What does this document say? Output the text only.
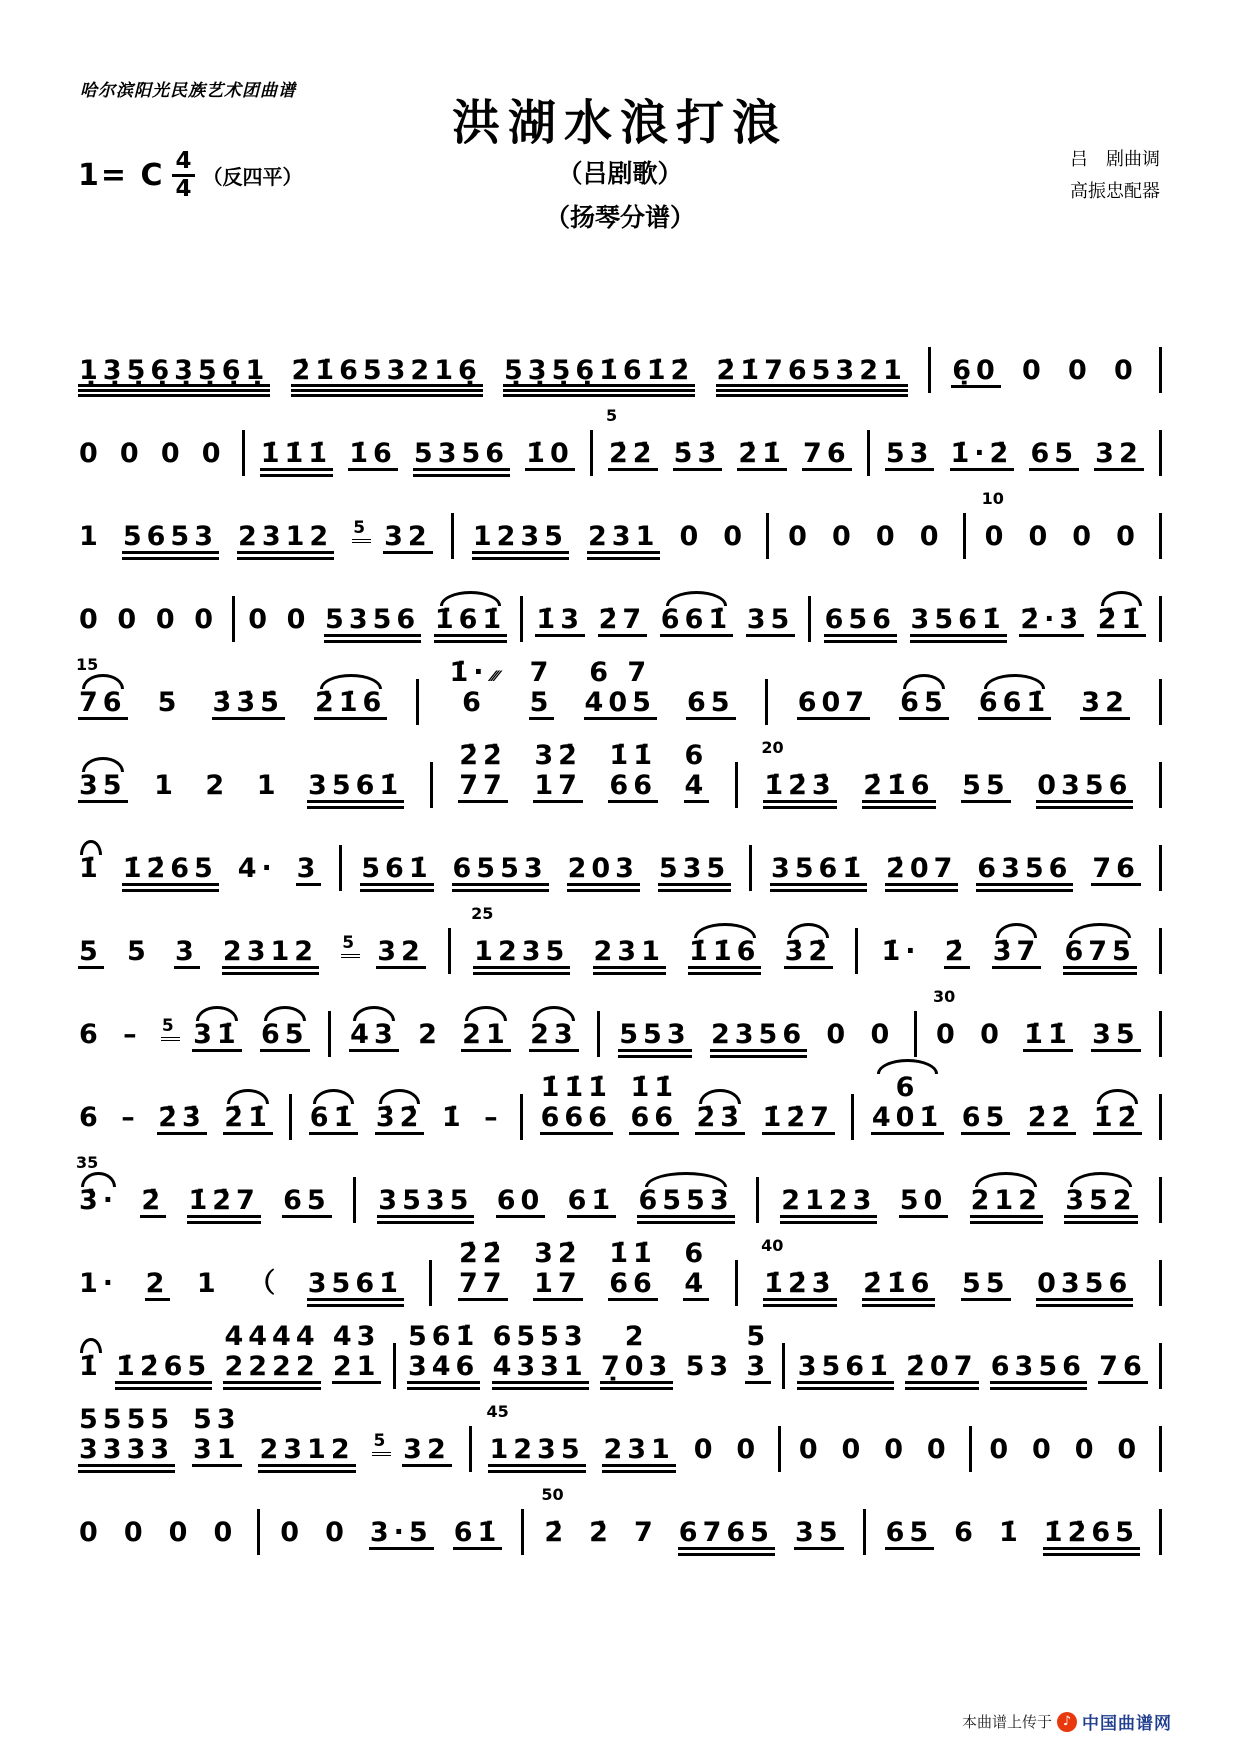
哈尔滨阳光民族艺术团曲谱
洪湖水浪打浪
1= C $\frac{4}{4}$ （反四平）	（吕剧歌）
（扬琴分谱）
吕　剧曲调
高振忠配器
1̣3̣5̣6̣3̣5̣6̣1̣ 2̇1̇653216̣ 5̣3̣5̣6̣1̇61̇2̇ 2̇1̇765321 6̣0 0 0 0
0 0 0 0 1̇1̇1̇ 1̇6 5356 1̇0 2̇2̇
5
5̇3̇ 2̇1̇ 76 53 1̇·2̇ 65 32
1 5653 2312 5 32 1235 231 0 0 0 0 0 0 0
10
0 0 0
0 0 0 0 0 0 5356 1̇61̇ 1̇3 2̇7 661̇ 35 656 3561̇ 2̇·3̇ 2̇1̇
76
15
5 3̇3̇5̇ 2̇1̇6
1̇· ⁄⁄⁄
6
7
5
6 7
405 65 607 65 661̇ 32
35 1 2 1 3561̇
2̇2̇
77
32̇
17
1̇1̇
66
6
4 1̇2̇3̇
20
2̇1̇6 55 0356
1̇ 1̇2̇65 4· 3 561̇ 6553 203 535 3561̇ 2̇07 6356 76
5 5 3 2312 5 32 1235
25
231 1̇1̇6 3̇2̇ 1̇· 2̇ 3̇7 675
6 – 5 31̇ 65 43 2 21 23 553 2356 0 0 0
30
0 1̇1̇ 35
6 – 2̇3̇ 2̇1̇ 61̇ 3̇2̇ 1̇ –
1̇1̇1̇
666
1̇1̇
66 2̇3̇ 1̇2̇7
6
401̇ 65 2̇2̇ 1̇2̇
3̇·
35
2̇ 1̇2̇7 65 3535 60 61̇ 6553 2123 50 212 352
1· 2 1 （ 3561̇
2̇2̇
77
32̇
17
1̇1̇
66
6
4 1̇2̇3̇
40
2̇1̇6 55 0356
1̇ 1̇2̇65
4444
2222
43
21
561̇
346
6553
4331
2
7̣03 53
5
3 3561̇ 2̇07 6356 76
5555
3333
53
31 2312 5 32 1235
45
231 0 0 0 0 0 0 0 0 0 0
0 0 0 0 0 0 3·5 61̇ 2̇
50
2̇ 7 6765 35 65 6 1̇ 1̇2̇65
本曲谱上传于 ♪ 中国曲谱网
